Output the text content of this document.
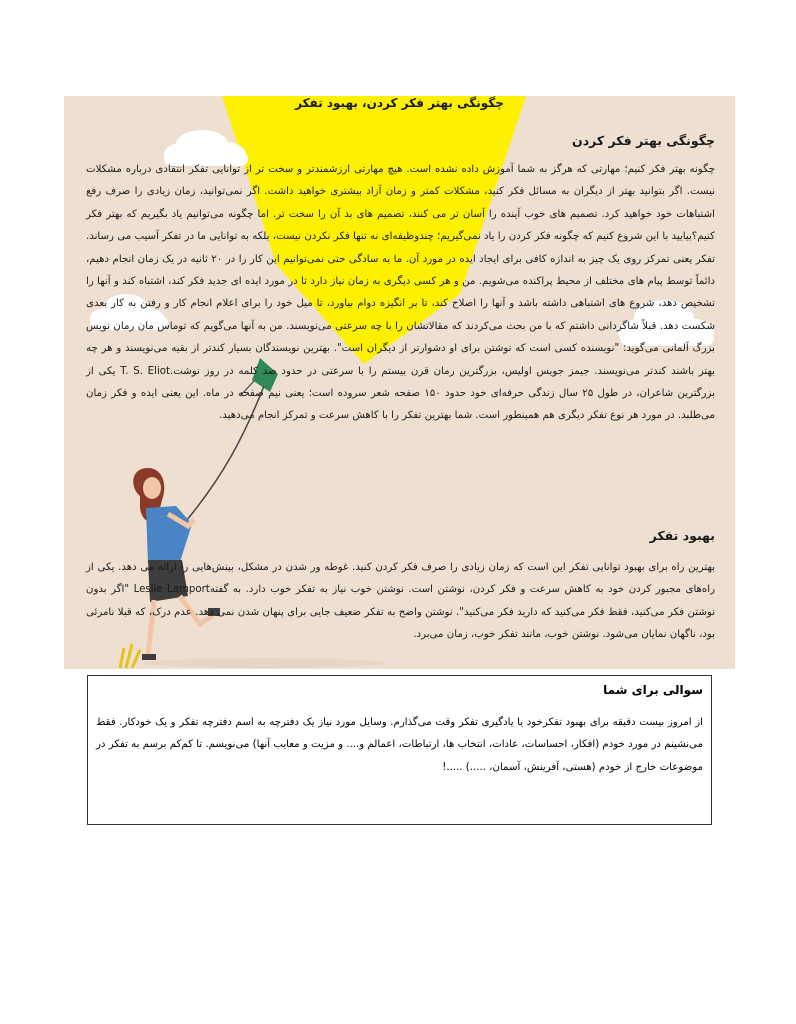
چگونگی بهتر فکر کردن، بهبود تفکر
چگونگی بهتر فکر کردن

چگونه بهتر فکر کنیم؛ مهارتی که هرگز به شما آموزش داده نشده است. هیچ مهارتی ارزشمندتر و سخت تر از توانایی تفکر انتقادی درباره مشکلات نیست. اگر بتوانید بهتر از دیگران به مسائل فکر کنید، مشکلات کمتر و زمان آزاد بیشتری خواهید داشت. اگر نمی‌توانید، زمان زیادی را صرف رفع اشتباهات خود خواهید کرد. تصمیم های خوب آینده را آسان تر می کنند، تصمیم های بد آن را سخت تر. اما چگونه می‌توانیم یاد بگیریم که بهتر فکر کنیم؟بیایید با این شروع کنیم که چگونه فکر کردن را یاد نمی‌گیریم؛ چندوظیفه‌ای نه تنها فکر نکردن نیست، بلکه به توانایی ما در تفکر آسیب می رساند. تفکر یعنی تمرکز روی یک چیز به اندازه کافی برای ایجاد ایده در مورد آن. ما به سادگی حتی نمی‌توانیم این کار را در ۲۰ ثانیه در یک زمان انجام دهیم، دائماً توسط پیام های مختلف از محیط پراکنده می‌شویم. من و هر کسی دیگری به زمان نیاز دارد تا در مورد ایده ای جدید فکر کند، اشتباه کند و آنها را تشخیص دهد، شروع های اشتباهی داشته باشد و آنها را اصلاح کند، تا بر انگیزه دوام بیاورد، تا میل خود را برای اعلام انجام کار و رفتن به کار بعدی شکست دهد. قبلاً شاگردانی داشتم که با من بحث می‌کردند که مقالاتشان را با چه سرعتی می‌نویسند. من به آنها می‌گویم که توماس مان رمان نویس بزرگ آلمانی می‌گوید: "نویسنده کسی است که نوشتن برای او دشوارتر از دیگران است". بهترین نویسندگان بسیار کندتر از بقیه می‌نویسند و هر چه بهتر باشند کندتر می‌نویسند. جیمز جویس اولیس، بزرگترین رمان قرن بیستم را با سرعتی در حدود صد کلمه در روز نوشت.T. S. Eliot یکی از بزرگترین شاعران، در طول ۲۵ سال زندگی حرفه‌ای خود حدود ۱۵۰ صفحه شعر سروده است؛ یعنی نیم صفحه در ماه. این یعنی ایده و فکر زمان می‌طلبد. در مورد هر نوع تفکر دیگری هم همینطور است. شما بهترین تفکر را با کاهش سرعت و تمرکز انجام می‌دهید.

بهبود تفکر

بهترین راه برای بهبود توانایی تفکر این است که زمان زیادی را صرف فکر کردن کنید. غوطه ور شدن در مشکل، بینش‌هایی را ارائه می دهد. یکی از راه‌های مجبور کردن خود به کاهش سرعت و فکر کردن، نوشتن است. نوشتن خوب نیاز به تفکر خوب دارد. به گفتهLeslie Lamport "اگر بدون نوشتن فکر می‌کنید، فقط فکر می‌کنید که دارید فکر می‌کنید". نوشتن واضح به تفکر ضعیف جایی برای پنهان شدن نمی دهد. عدم درک، که قبلا نامرئی بود، ناگهان نمایان می‌شود. نوشتن خوب، مانند تفکر خوب، زمان می‌برد.

سوالی برای شما

از امروز بیست دقیقه برای بهبود تفکرخود یا یادگیری تفکر وقت می‌گذارم. وسایل مورد نیاز یک دفترچه به اسم دفترچه تفکر و یک خودکار. فقط می‌نشینم در مورد خودم (افکار، احساسات، عادات، انتخاب ها، ارتباطات، اعمالم و.... و مزیت و معایب آنها) می‌نویسم. تا کم‌کم برسم به تفکر در موضوعات خارج از خودم (هستی، آفرینش، آسمان، .....) .....!
